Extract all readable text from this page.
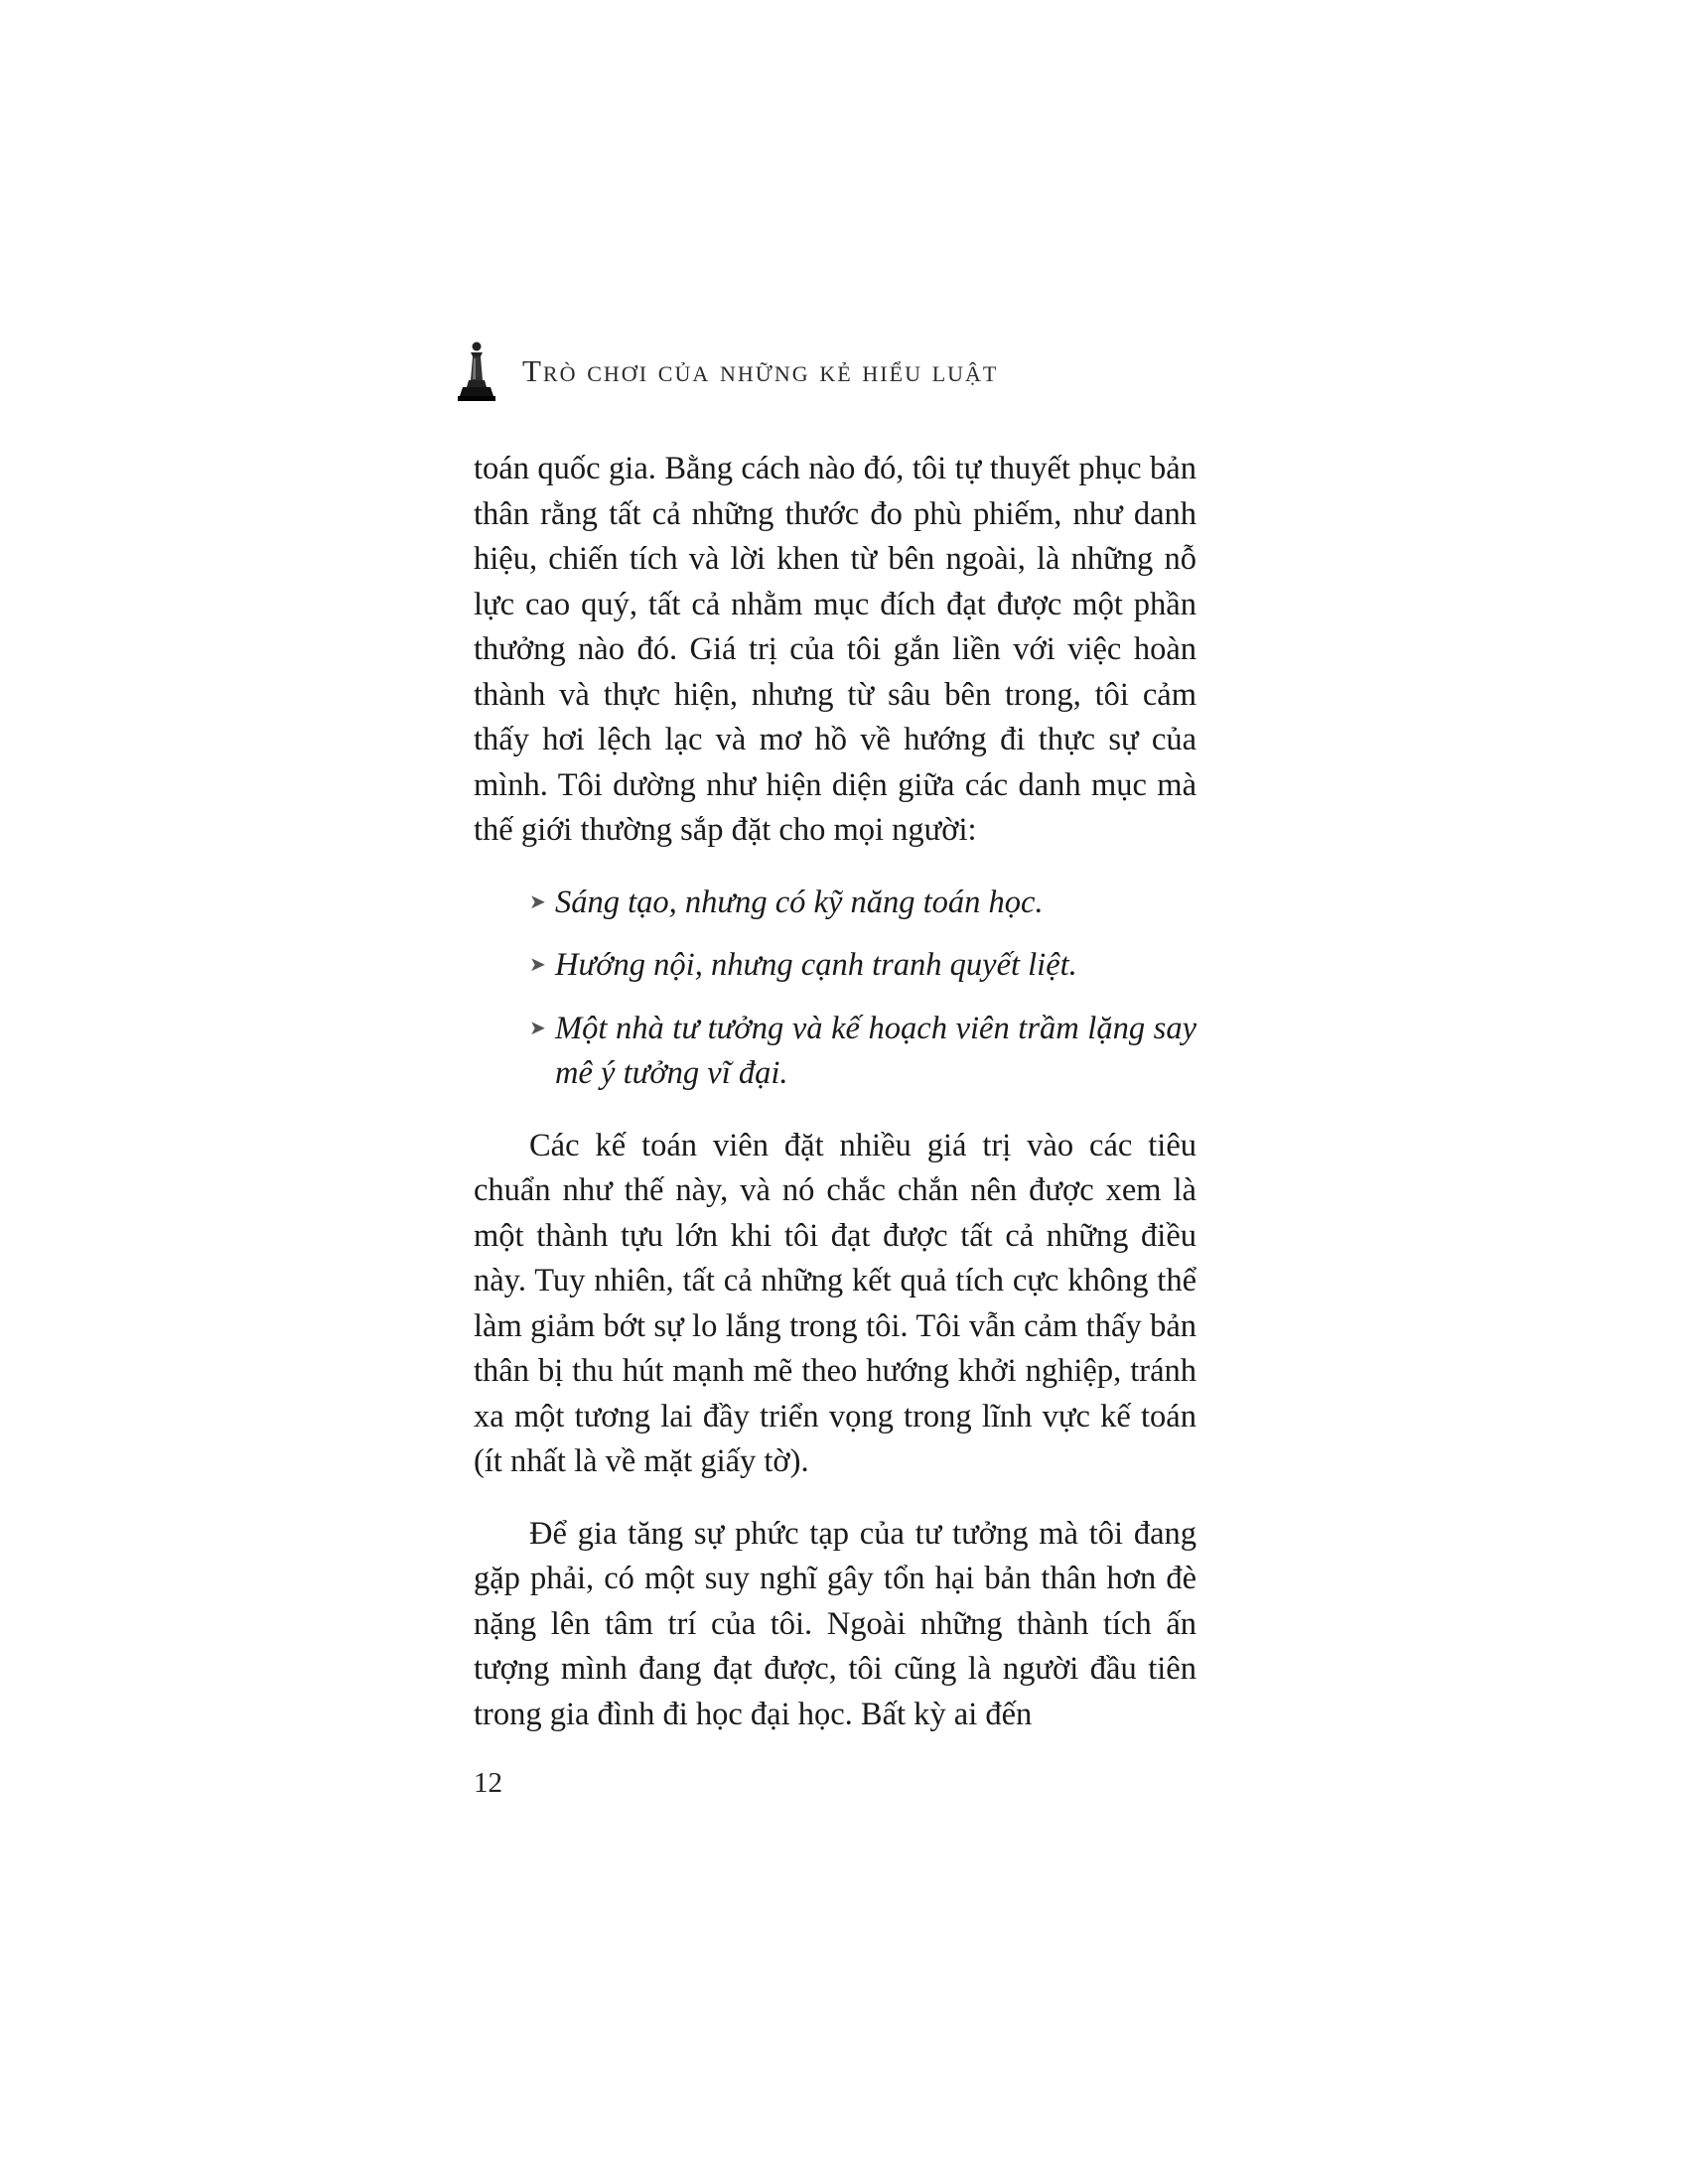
Trò chơi của những kẻ hiểu luật

toán quốc gia. Bằng cách nào đó, tôi tự thuyết phục bản thân rằng tất cả những thước đo phù phiếm, như danh hiệu, chiến tích và lời khen từ bên ngoài, là những nỗ lực cao quý, tất cả nhằm mục đích đạt được một phần thưởng nào đó. Giá trị của tôi gắn liền với việc hoàn thành và thực hiện, nhưng từ sâu bên trong, tôi cảm thấy hơi lệch lạc và mơ hồ về hướng đi thực sự của mình. Tôi dường như hiện diện giữa các danh mục mà thế giới thường sắp đặt cho mọi người:

➤ Sáng tạo, nhưng có kỹ năng toán học.
➤ Hướng nội, nhưng cạnh tranh quyết liệt.
➤ Một nhà tư tưởng và kế hoạch viên trầm lặng say mê ý tưởng vĩ đại.

Các kế toán viên đặt nhiều giá trị vào các tiêu chuẩn như thế này, và nó chắc chắn nên được xem là một thành tựu lớn khi tôi đạt được tất cả những điều này. Tuy nhiên, tất cả những kết quả tích cực không thể làm giảm bớt sự lo lắng trong tôi. Tôi vẫn cảm thấy bản thân bị thu hút mạnh mẽ theo hướng khởi nghiệp, tránh xa một tương lai đầy triển vọng trong lĩnh vực kế toán (ít nhất là về mặt giấy tờ).

Để gia tăng sự phức tạp của tư tưởng mà tôi đang gặp phải, có một suy nghĩ gây tổn hại bản thân hơn đè nặng lên tâm trí của tôi. Ngoài những thành tích ấn tượng mình đang đạt được, tôi cũng là người đầu tiên trong gia đình đi học đại học. Bất kỳ ai đến

12
